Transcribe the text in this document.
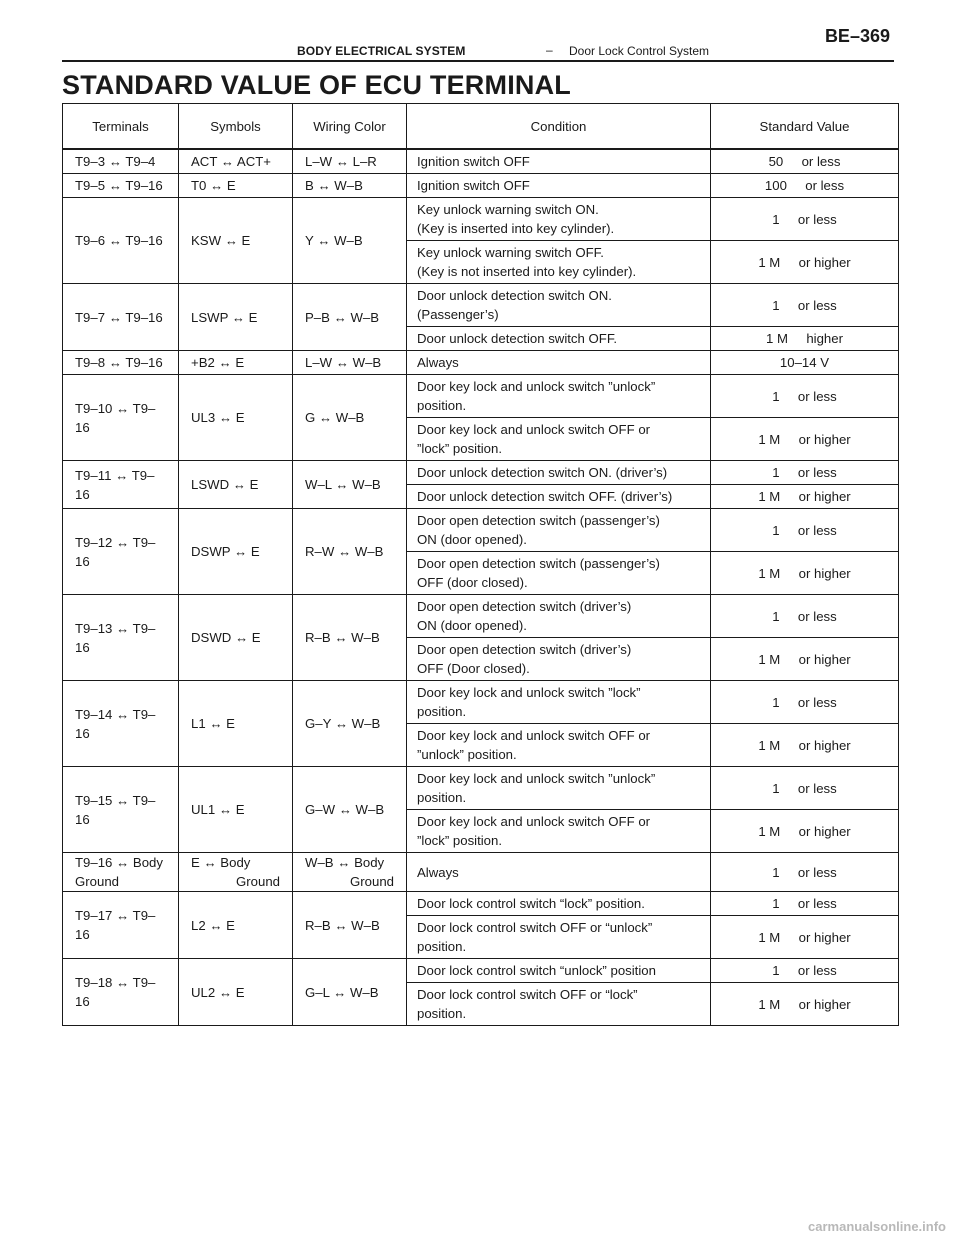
BODY ELECTRICAL SYSTEM	– Door Lock Control System
BE–369
STANDARD VALUE OF ECU TERMINAL
Terminals	Symbols	Wiring Color	Condition	Standard Value
T9–3 ↔ T9–4	ACT ↔ ACT+	L–W ↔ L–R	Ignition switch OFF	50     or less
T9–5 ↔ T9–16	T0 ↔ E	B ↔ W–B	Ignition switch OFF	100     or less
T9–6 ↔ T9–16	KSW ↔ E	Y ↔ W–B	Key unlock warning switch ON.
(Key is inserted into key cylinder).	1     or less

			Key unlock warning switch OFF.
(Key is not inserted into key cylinder).	1 M     or higher
T9–7 ↔ T9–16	LSWP ↔ E	P–B ↔ W–B	Door unlock detection switch ON.
(Passenger’s)	1     or less

			Door unlock detection switch OFF.	1 M     higher
T9–8 ↔ T9–16	+B2 ↔ E	L–W ↔ W–B	Always	10–14 V
T9–10 ↔ T9–16	UL3 ↔ E	G ↔ W–B	Door key lock and unlock switch ”unlock”
position.	1     or less

			Door key lock and unlock switch OFF or
”lock” position.	1 M     or higher
T9–11 ↔ T9–16	LSWD ↔ E	W–L ↔ W–B	Door unlock detection switch ON. (driver’s)	1     or less

			Door unlock detection switch OFF. (driver’s)	1 M     or higher
T9–12 ↔ T9–16	DSWP ↔ E	R–W ↔ W–B	Door open detection switch (passenger’s)
ON (door opened).	1     or less

			Door open detection switch (passenger’s)
OFF (door closed).	1 M     or higher
T9–13 ↔ T9–16	DSWD ↔ E	R–B ↔ W–B	Door open detection switch (driver’s)
ON (door opened).	1     or less

			Door open detection switch (driver’s)
OFF (Door closed).	1 M     or higher
T9–14 ↔ T9–16	L1 ↔ E	G–Y ↔ W–B	Door key lock and unlock switch ”lock”
position.	1     or less

			Door key lock and unlock switch OFF or
”unlock” position.	1 M     or higher
T9–15 ↔ T9–16	UL1 ↔ E	G–W ↔ W–B	Door key lock and unlock switch ”unlock”
position.	1     or less

			Door key lock and unlock switch OFF or
”lock” position.	1 M     or higher

T9–16 ↔ Body
Ground	E ↔ Body
Ground	W–B ↔ Body
Ground	Always	1     or less
T9–17 ↔ T9–16	L2 ↔ E	R–B ↔ W–B	Door lock control switch “lock” position.	1     or less

			Door lock control switch OFF or “unlock”
position.	1 M     or higher
T9–18 ↔ T9–16	UL2 ↔ E	G–L ↔ W–B	Door lock control switch “unlock” position	1     or less

			Door lock control switch OFF or “lock”
position.	1 M     or higher
carmanualsonline.info
